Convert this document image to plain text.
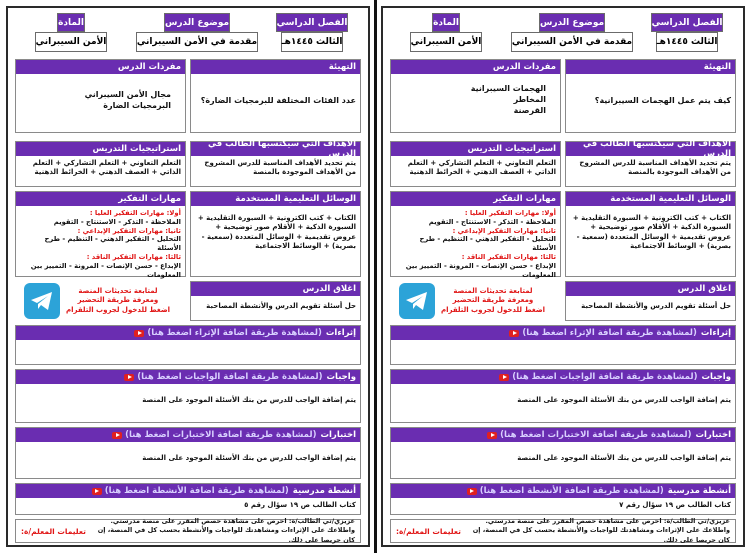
الفصل الدراسي
الثالث ١٤٤٥هـ
موضوع الدرس
مقدمة في الأمن السيبراني
المادة
الأمن السيبراني
التهيئة
كيف يتم عمل الهجمات السيبرانية؟
مفردات الدرس
الهجمات السيبرانية
المخاطر
القرصنة
الأهداف التي سيكتسبها الطالب في الدرس
يتم تحديد الأهداف المناسبة للدرس المشروح من الأهداف الموجودة بالمنصة
استراتيجيات التدريس
التعلم التعاوني + التعلم التشاركي + التعلم الذاتي + العصف الذهني + الخرائط الذهنية
الوسائل التعليمية المستخدمة
الكتاب + كتب الكترونية + السبورة التقليدية + السبورة الذكية + الأقلام صور توضيحية + عروض تقديمية + الوسائل المتعددة (سمعية - بصرية) + الوسائط الاجتماعية
مهارات التفكير
أولا: مهارات التفكير العليا :
الملاحظة - التذكر - الاستنتاج - التقويم
ثانيا: مهارات التفكير الإبداعي :
التحليل - التفكير الذهني - التنظيم - طرح الأسئلة
ثالثا: مهارات التفكير الناقد :
الإبداع - حسن الإنصات - المرونة - التمييز بين المعلومات
اغلاق الدرس
حل أسئلة تقويم الدرس والأنشطة المصاحبة
لمتابعة تحديثات المنصة
ومعرفة طريقة التحضير
اضغط للدخول لجروب التلقرام
إثراءات
(لمشاهدة طريقة اضافة الإثراء اضغط هنا)
واجبات
(لمشاهدة طريقة اضافة الواجبات اضغط هنا)
يتم إضافة الواجب للدرس من بنك الأسئلة الموجود على المنصة
اختبارات
(لمشاهدة طريقة اضافة الاختبارات اضغط هنا)
يتم إضافة الواجب للدرس من بنك الأسئلة الموجود على المنصة
أنشطة مدرسية
(لمشاهدة طريقة اضافة الأنشطة اضغط هنا)
كتاب الطالب ص ١٩ سؤال رقم ٧
عزيزي/تي الطالب/ة: احرص على مشاهدة حصص المقرر على منصة مدرستي.
واطلاعك على الإثراءات ومشاهدتك للواجبات والأنشطة بحسب كل في المنصة، إن كان حريصا على ذلك.
تعليمات المعلم/ة:
الفصل الدراسي
الثالث ١٤٤٥هـ
موضوع الدرس
مقدمة في الأمن السيبراني
المادة
الأمن السيبراني
التهيئة
عدد الفئات المختلفة للبرمجيات الضارة؟
مفردات الدرس
مجال الأمن السيبراني
البرمجيات الضارة
الأهداف التي سيكتسبها الطالب في الدرس
يتم تحديد الأهداف المناسبة للدرس المشروح من الأهداف الموجودة بالمنصة
استراتيجيات التدريس
التعلم التعاوني + التعلم التشاركي + التعلم الذاتي + العصف الذهني + الخرائط الذهنية
الوسائل التعليمية المستخدمة
الكتاب + كتب الكترونية + السبورة التقليدية + السبورة الذكية + الأقلام صور توضيحية + عروض تقديمية + الوسائل المتعددة (سمعية - بصرية) + الوسائط الاجتماعية
مهارات التفكير
أولا: مهارات التفكير العليا :
الملاحظة - التذكر - الاستنتاج - التقويم
ثانيا: مهارات التفكير الإبداعي :
التحليل - التفكير الذهني - التنظيم - طرح الأسئلة
ثالثا: مهارات التفكير الناقد :
الإبداع - حسن الإنصات - المرونة - التمييز بين المعلومات
اغلاق الدرس
حل أسئلة تقويم الدرس والأنشطة المصاحبة
لمتابعة تحديثات المنصة
ومعرفة طريقة التحضير
اضغط للدخول لجروب التلقرام
إثراءات
(لمشاهدة طريقة اضافة الإثراء اضغط هنا)
واجبات
(لمشاهدة طريقة اضافة الواجبات اضغط هنا)
يتم إضافة الواجب للدرس من بنك الأسئلة الموجود على المنصة
اختبارات
(لمشاهدة طريقة اضافة الاختبارات اضغط هنا)
يتم إضافة الواجب للدرس من بنك الأسئلة الموجود على المنصة
أنشطة مدرسية
(لمشاهدة طريقة اضافة الأنشطة اضغط هنا)
كتاب الطالب ص ١٩ سؤال رقم ٥
عزيزي/تي الطالب/ة: احرص على مشاهدة حصص المقرر على منصة مدرستي.
واطلاعك على الإثراءات ومشاهدتك للواجبات والأنشطة بحسب كل في المنصة، إن كان حريصا على ذلك.
تعليمات المعلم/ة:
